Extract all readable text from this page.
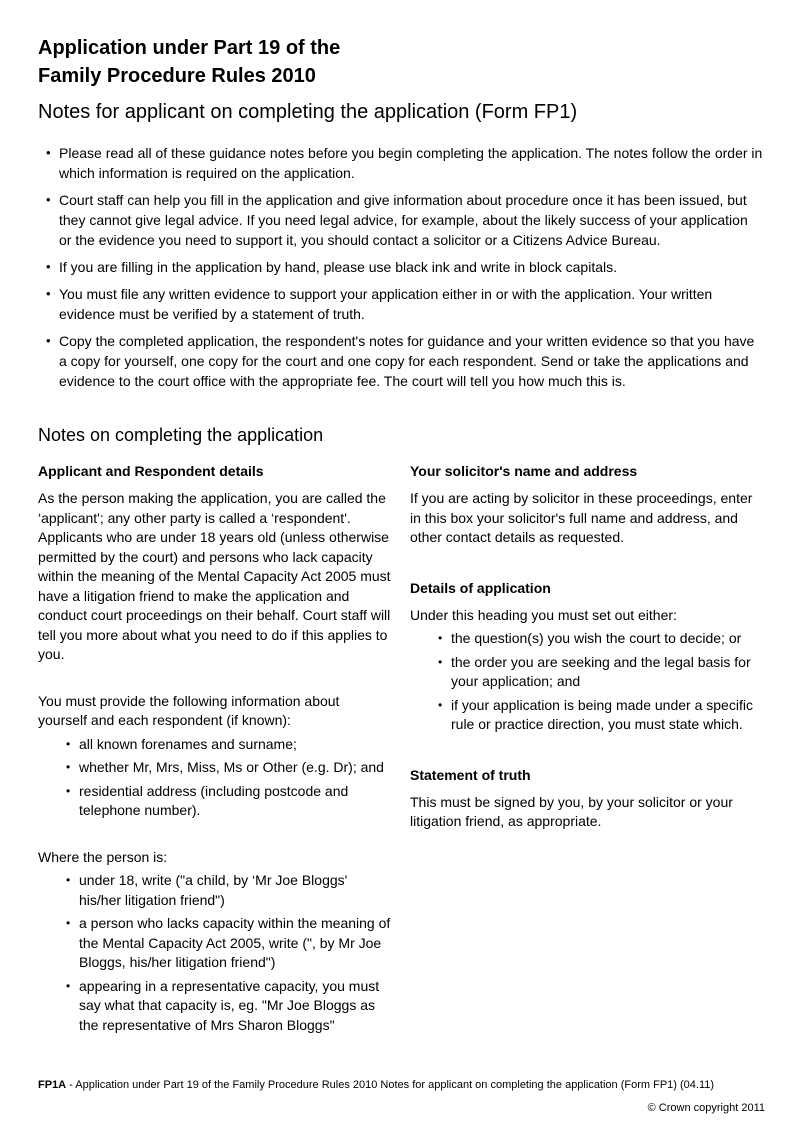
Application under Part 19 of the
Family Procedure Rules 2010
Notes for applicant on completing the application (Form FP1)
• Please read all of these guidance notes before you begin completing the application. The notes follow the order in which information is required on the application.
• Court staff can help you fill in the application and give information about procedure once it has been issued, but they cannot give legal advice. If you need legal advice, for example, about the likely success of your application or the evidence you need to support it, you should contact a solicitor or a Citizens Advice Bureau.
• If you are filling in the application by hand, please use black ink and write in block capitals.
• You must file any written evidence to support your application either in or with the application. Your written evidence must be verified by a statement of truth.
• Copy the completed application, the respondent's notes for guidance and your written evidence so that you have a copy for yourself, one copy for the court and one copy for each respondent. Send or take the applications and evidence to the court office with the appropriate fee. The court will tell you how much this is.
Notes on completing the application
Applicant and Respondent details

As the person making the application, you are called the ‘applicant'; any other party is called a ‘respondent'. Applicants who are under 18 years old (unless otherwise permitted by the court) and persons who lack capacity within the meaning of the Mental Capacity Act 2005 must have a litigation friend to make the application and conduct court proceedings on their behalf. Court staff will tell you more about what you need to do if this applies to you.

You must provide the following information about yourself and each respondent (if known):

• all known forenames and surname;
• whether Mr, Mrs, Miss, Ms or Other (e.g. Dr); and
• residential address (including postcode and telephone number).

Where the person is:

• under 18, write ("a child, by ‘Mr Joe Bloggs' his/her litigation friend")
• a person who lacks capacity within the meaning of the Mental Capacity Act 2005, write (", by Mr Joe Bloggs, his/her litigation friend")
• appearing in a representative capacity, you must say what that capacity is, eg. "Mr Joe Bloggs as the representative of Mrs Sharon Bloggs"
Your solicitor's name and address

If you are acting by solicitor in these proceedings, enter in this box your solicitor's full name and address, and other contact details as requested.

Details of application

Under this heading you must set out either:

• the question(s) you wish the court to decide; or
• the order you are seeking and the legal basis for your application; and
• if your application is being made under a specific rule or practice direction, you must state which.
Statement of truth

This must be signed by you, by your solicitor or your litigation friend, as appropriate.

FP1A - Application under Part 19 of the Family Procedure Rules 2010 Notes for applicant on completing the application (Form FP1) (04.11)
© Crown copyright 2011
